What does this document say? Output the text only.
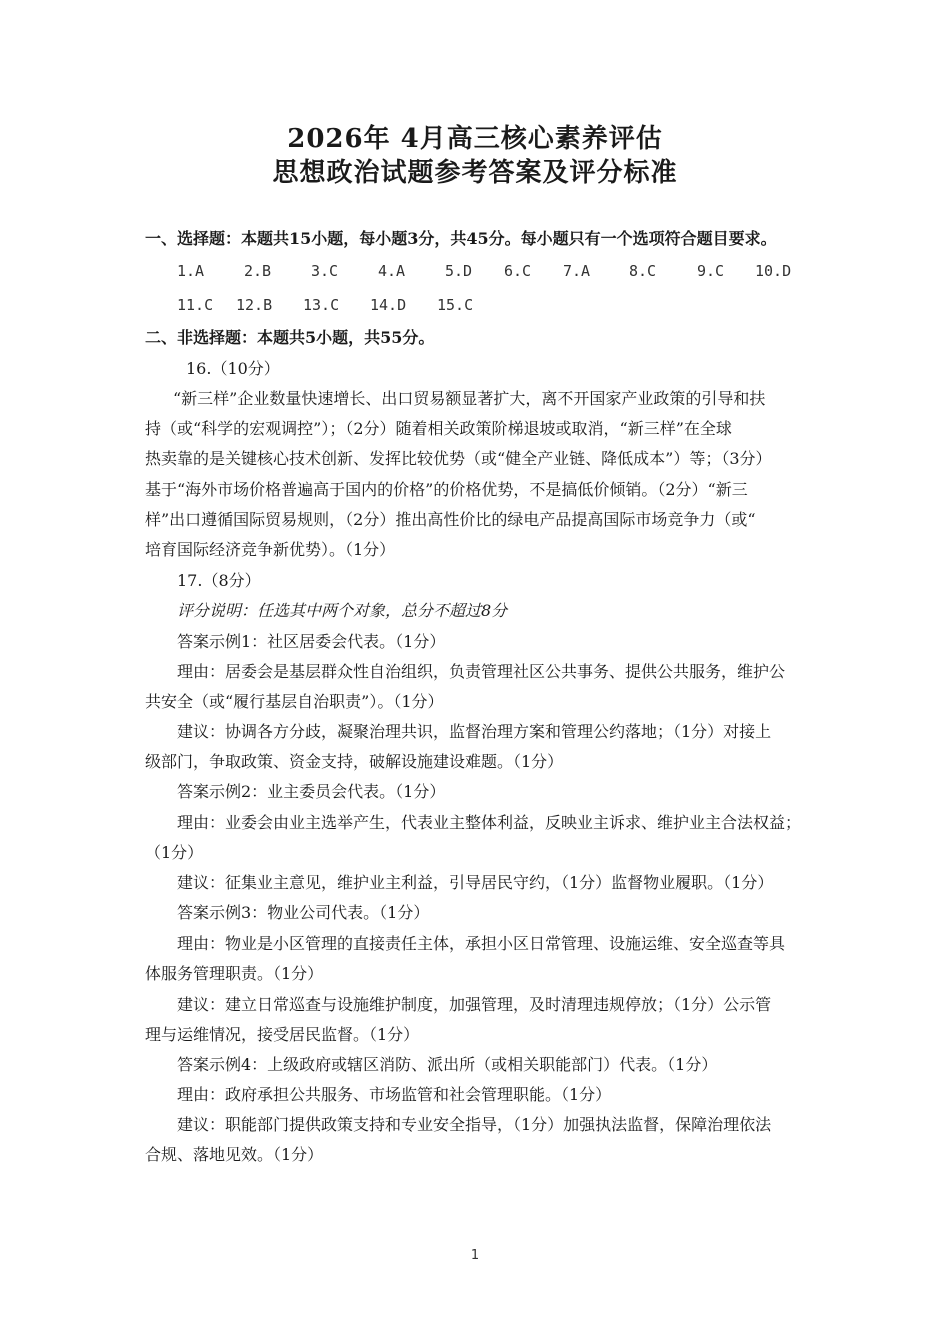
2026年 4月高三核心素养评估
思想政治试题参考答案及评分标准
一、选择题：本题共15小题，每小题3分，共45分。每小题只有一个选项符合题目要求。
1.A	2.B	3.C	4.A	5.D 6.C 7.A	8.C	9.C 10.D
11.C 12.B 13.C 14.D 15.C
二、非选择题：本题共5小题，共55分。
16.（10分）
“新三样”企业数量快速增长、出口贸易额显著扩大，离不开国家产业政策的引导和扶
持（或“科学的宏观调控”）；（2分）随着相关政策阶梯退坡或取消，“新三样”在全球
热卖靠的是关键核心技术创新、发挥比较优势（或“健全产业链、降低成本”）等；（3分）
基于“海外市场价格普遍高于国内的价格”的价格优势，不是搞低价倾销。（2分）“新三
样”出口遵循国际贸易规则，（2分）推出高性价比的绿电产品提高国际市场竞争力（或“
培育国际经济竞争新优势）。（1分）
17.（8分）
评分说明：任选其中两个对象，总分不超过8分
答案示例1：社区居委会代表。（1分）
理由：居委会是基层群众性自治组织，负责管理社区公共事务、提供公共服务，维护公
共安全（或“履行基层自治职责”）。（1分）
建议：协调各方分歧，凝聚治理共识，监督治理方案和管理公约落地；（1分）对接上
级部门，争取政策、资金支持，破解设施建设难题。（1分）
答案示例2：业主委员会代表。（1分）
理由：业委会由业主选举产生，代表业主整体利益，反映业主诉求、维护业主合法权益；
（1分）
建议：征集业主意见，维护业主利益，引导居民守约，（1分）监督物业履职。（1分）
答案示例3：物业公司代表。（1分）
理由：物业是小区管理的直接责任主体，承担小区日常管理、设施运维、安全巡查等具
体服务管理职责。（1分）
建议：建立日常巡查与设施维护制度，加强管理，及时清理违规停放；（1分）公示管
理与运维情况，接受居民监督。（1分）
答案示例4：上级政府或辖区消防、派出所（或相关职能部门）代表。（1分）
理由：政府承担公共服务、市场监管和社会管理职能。（1分）
建议：职能部门提供政策支持和专业安全指导，（1分）加强执法监督，保障治理依法
合规、落地见效。（1分）
1
